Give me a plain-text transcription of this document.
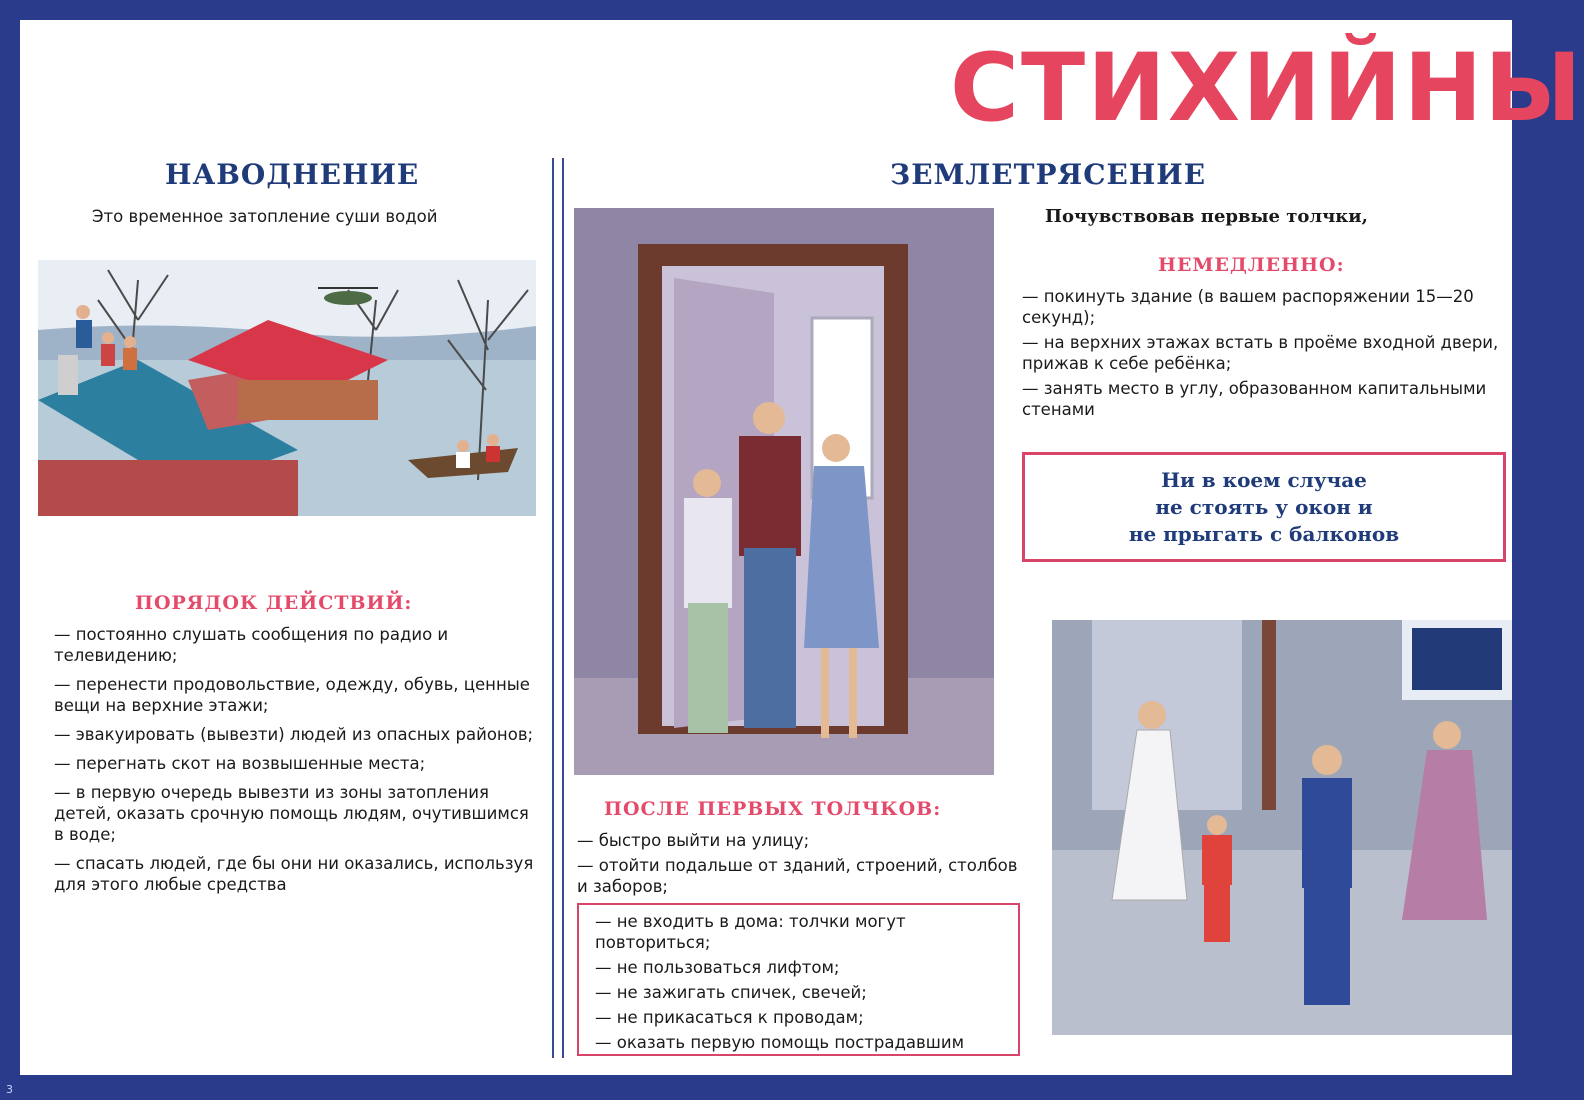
СТИХИЙНЫ
НАВОДНЕНИЕ
Это временное затопление суши водой
ПОРЯДОК ДЕЙСТВИЙ:
— постоянно слушать сообщения по радио и телевидению;
— перенести продовольствие, одежду, обувь, ценные вещи на верхние этажи;
— эвакуировать (вывезти) людей из опасных районов;
— перегнать скот на возвышенные места;
— в первую очередь вывезти из зоны затопления детей, оказать срочную помощь людям, очутившимся в воде;
— спасать людей, где бы они ни оказались, используя для этого любые средства
ЗЕМЛЕТРЯСЕНИЕ
Почувствовав первые толчки,
НЕМЕДЛЕННО:
— покинуть здание (в вашем распоряжении 15—20 секунд);
— на верхних этажах встать в проёме входной двери, прижав к себе ребёнка;
— занять место в углу, образованном капитальными стенами
Ни в коем случае
не стоять у окон и
не прыгать с балконов
ПОСЛЕ ПЕРВЫХ ТОЛЧКОВ:
— быстро выйти на улицу;
— отойти подальше от зданий, строений, столбов и заборов;
— не входить в дома: толчки могут повториться;
— не пользоваться лифтом;
— не зажигать спичек, свечей;
— не прикасаться к проводам;
— оказать первую помощь пострадавшим
3
